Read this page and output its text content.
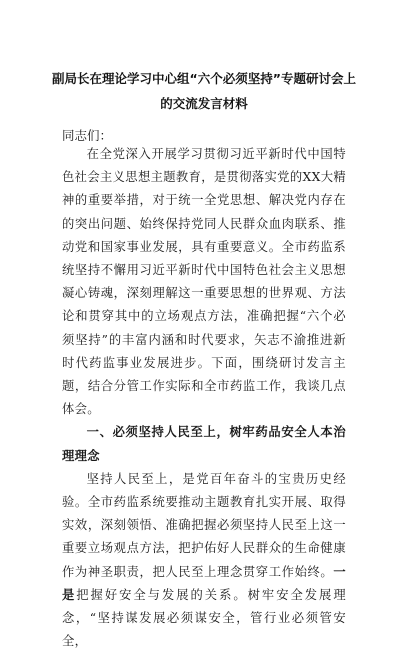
副局长在理论学习中心组“六个必须坚持”专题研讨会上
的交流发言材料
同志们：

在全党深入开展学习贯彻习近平新时代中国特色社会主义思想主题教育，是贯彻落实党的XX大精神的重要举措，对于统一全党思想、解决党内存在的突出问题、始终保持党同人民群众血肉联系、推动党和国家事业发展，具有重要意义。全市药监系统坚持不懈用习近平新时代中国特色社会主义思想凝心铸魂，深刻理解这一重要思想的世界观、方法论和贯穿其中的立场观点方法，准确把握“六个必须坚持”的丰富内涵和时代要求，矢志不渝推进新时代药监事业发展进步。下面，围绕研讨发言主题，结合分管工作实际和全市药监工作，我谈几点体会。

一、必须坚持人民至上，树牢药品安全人本治理理念

坚持人民至上，是党百年奋斗的宝贵历史经验。全市药监系统要推动主题教育扎实开展、取得实效，深刻领悟、准确把握必须坚持人民至上这一重要立场观点方法，把护佑好人民群众的生命健康作为神圣职责，把人民至上理念贯穿工作始终。一是把握好安全与发展的关系。树牢安全发展理念，“坚持谋发展必须谋安全，管行业必须管安全，
